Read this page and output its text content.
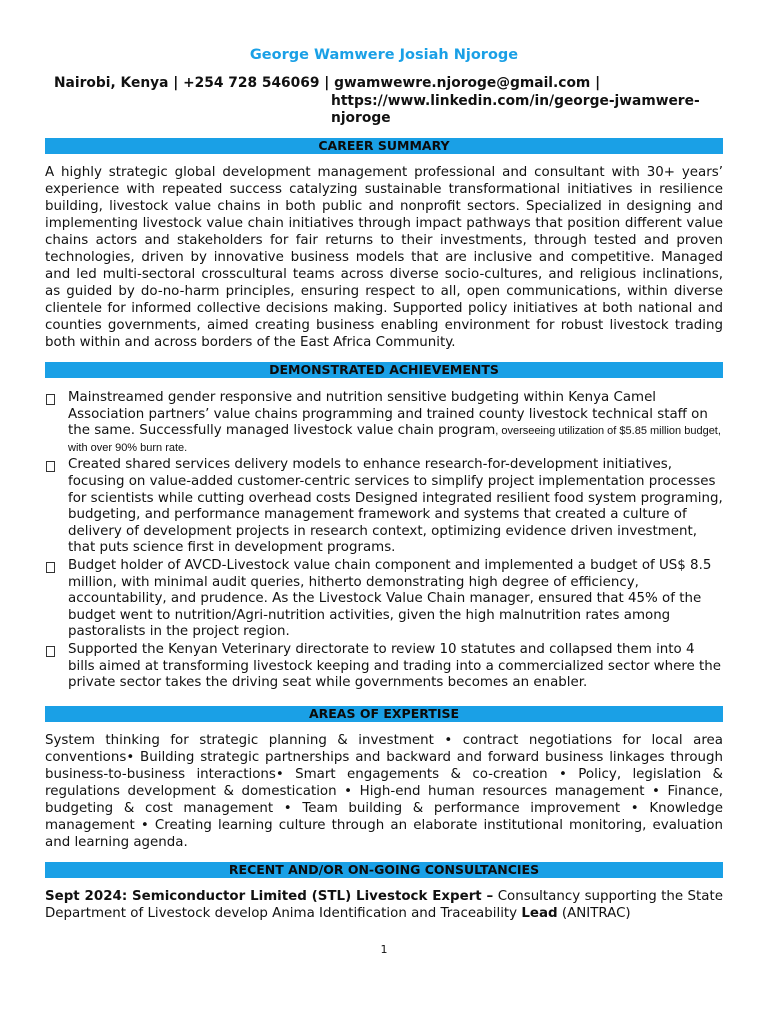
George Wamwere Josiah Njoroge
Nairobi, Kenya | +254 728 546069 | gwamwewre.njoroge@gmail.com |
https://www.linkedin.com/in/george-jwamwere-
njoroge
CAREER SUMMARY
A highly strategic global development management professional and consultant with 30+ years’ experience with repeated success catalyzing sustainable transformational initiatives in resilience building, livestock value chains in both public and nonprofit sectors. Specialized in designing and implementing livestock value chain initiatives through impact pathways that position different value chains actors and stakeholders for fair returns to their investments, through tested and proven technologies, driven by innovative business models that are inclusive and competitive. Managed and led multi-sectoral crosscultural teams across diverse socio-cultures, and religious inclinations, as guided by do-no-harm principles, ensuring respect to all, open communications, within diverse clientele for informed collective decisions making. Supported policy initiatives at both national and counties governments, aimed creating business enabling environment for robust livestock trading both within and across borders of the East Africa Community.
DEMONSTRATED ACHIEVEMENTS
Mainstreamed gender responsive and nutrition sensitive budgeting within Kenya Camel Association partners’ value chains programming and trained county livestock technical staff on the same. Successfully managed livestock value chain program, overseeing utilization of $5.85 million budget, with over 90% burn rate.
Created shared services delivery models to enhance research-for-development initiatives, focusing on value-added customer-centric services to simplify project implementation processes for scientists while cutting overhead costs Designed integrated resilient food system programing, budgeting, and performance management framework and systems that created a culture of delivery of development projects in research context, optimizing evidence driven investment, that puts science first in development programs.
Budget holder of AVCD-Livestock value chain component and implemented a budget of US$ 8.5 million, with minimal audit queries, hitherto demonstrating high degree of efficiency, accountability, and prudence. As the Livestock Value Chain manager, ensured that 45% of the budget went to nutrition/Agri-nutrition activities, given the high malnutrition rates among pastoralists in the project region.
Supported the Kenyan Veterinary directorate to review 10 statutes and collapsed them into 4 bills aimed at transforming livestock keeping and trading into a commercialized sector where the private sector takes the driving seat while governments becomes an enabler.
AREAS OF EXPERTISE
System thinking for strategic planning & investment • contract negotiations for local area conventions• Building strategic partnerships and backward and forward business linkages through business-to-business interactions• Smart engagements & co-creation • Policy, legislation & regulations development & domestication • High-end human resources management • Finance, budgeting & cost management • Team building & performance improvement • Knowledge management • Creating learning culture through an elaborate institutional monitoring, evaluation and learning agenda.
RECENT AND/OR ON-GOING CONSULTANCIES
Sept 2024: Semiconductor Limited (STL) Livestock Expert – Consultancy supporting the State Department of Livestock develop Anima Identification and Traceability Lead (ANITRAC)
1
